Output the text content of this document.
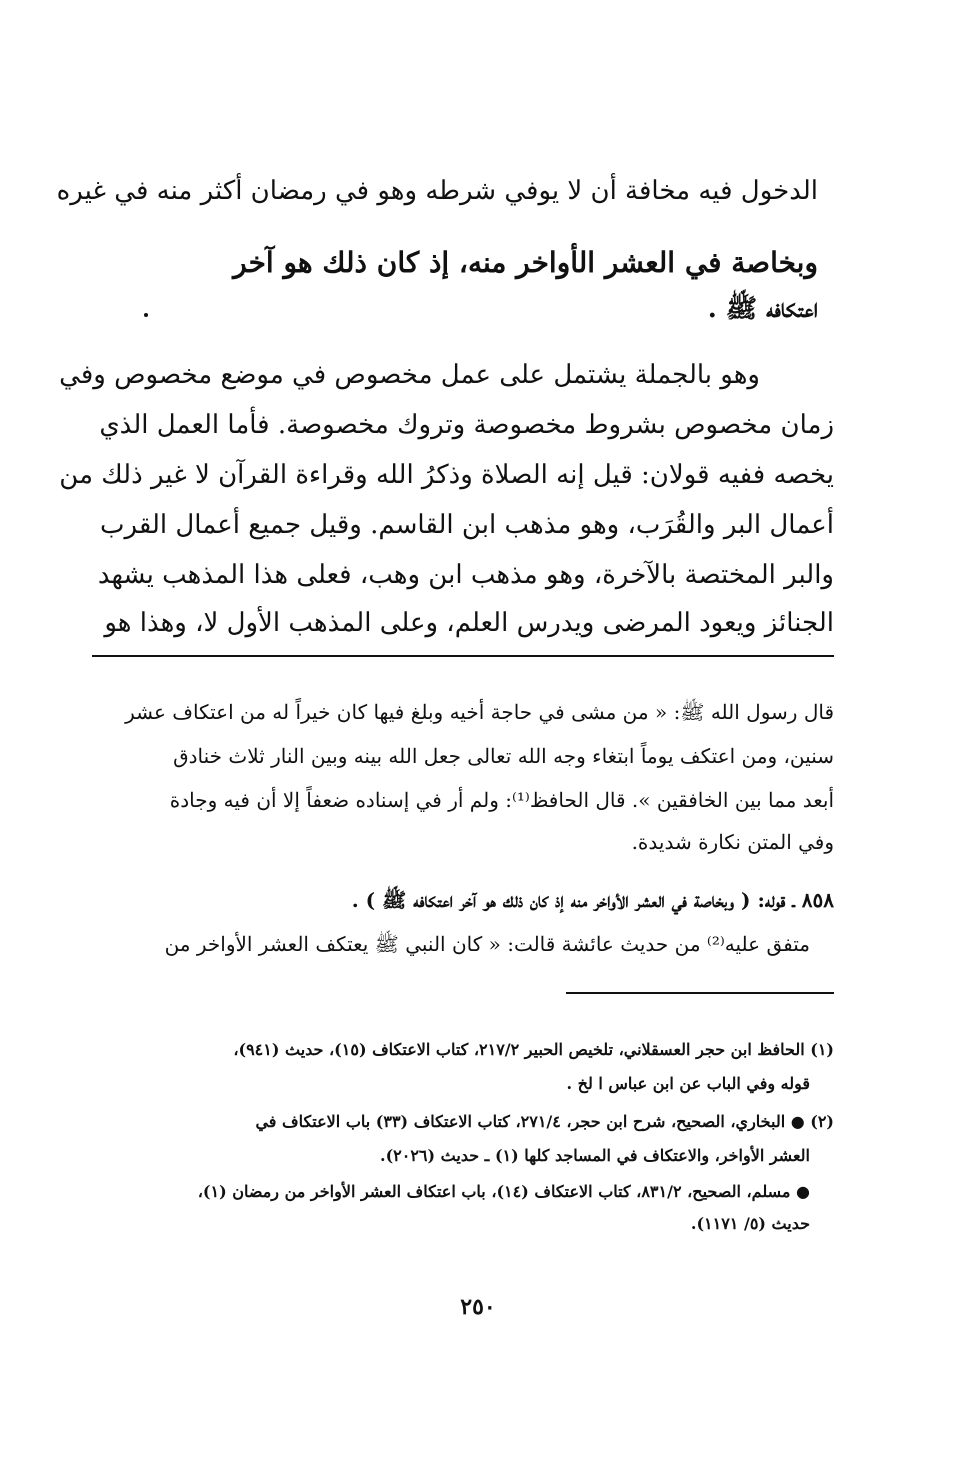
الدخول فيه مخافة أن لا يوفي شرطه وهو في رمضان أكثر منه في غيره
وبخاصة في العشر الأواخر منه، إذ كان ذلك هو آخر
اعتكافه ﷺ .
وهو بالجملة يشتمل على عمل مخصوص في موضع مخصوص وفي
زمان مخصوص بشروط مخصوصة وتروك مخصوصة. فأما العمل الذي
يخصه ففيه قولان: قيل إنه الصلاة وذكرُ الله وقراءة القرآن لا غير ذلك من
أعمال البر والقُرَب، وهو مذهب ابن القاسم. وقيل جميع أعمال القرب
والبر المختصة بالآخرة، وهو مذهب ابن وهب، فعلى هذا المذهب يشهد
الجنائز ويعود المرضى ويدرس العلم، وعلى المذهب الأول لا، وهذا هو
قال رسول الله ﷺ: « من مشى في حاجة أخيه وبلغ فيها كان خيراً له من اعتكاف عشر
سنين، ومن اعتكف يوماً ابتغاء وجه الله تعالى جعل الله بينه وبين النار ثلاث خنادق
أبعد مما بين الخافقين ». قال الحافظ⁽¹⁾: ولم أر في إسناده ضعفاً إلا أن فيه وجادة
وفي المتن نكارة شديدة.
٨٥٨ ـ قوله: ( وبخاصة في العشر الأواخر منه إذ كان ذلك هو آخر اعتكافه ﷺ ) .
متفق عليه⁽²⁾ من حديث عائشة قالت: « كان النبي ﷺ يعتكف العشر الأواخر من
(١) الحافظ ابن حجر العسقلاني، تلخيص الحبير ٢١٧/٢، كتاب الاعتكاف (١٥)، حديث (٩٤١)،
قوله وفي الباب عن ابن عباس ا لخ .
(٢) ● البخاري، الصحيح، شرح ابن حجر، ٢٧١/٤، كتاب الاعتكاف (٣٣) باب الاعتكاف في
العشر الأواخر، والاعتكاف في المساجد كلها (١) ـ حديث (٢٠٢٦).
● مسلم، الصحيح، ٨٣١/٢، كتاب الاعتكاف (١٤)، باب اعتكاف العشر الأواخر من رمضان (١)،
حديث (٥/ ١١٧١).
٢٥٠
